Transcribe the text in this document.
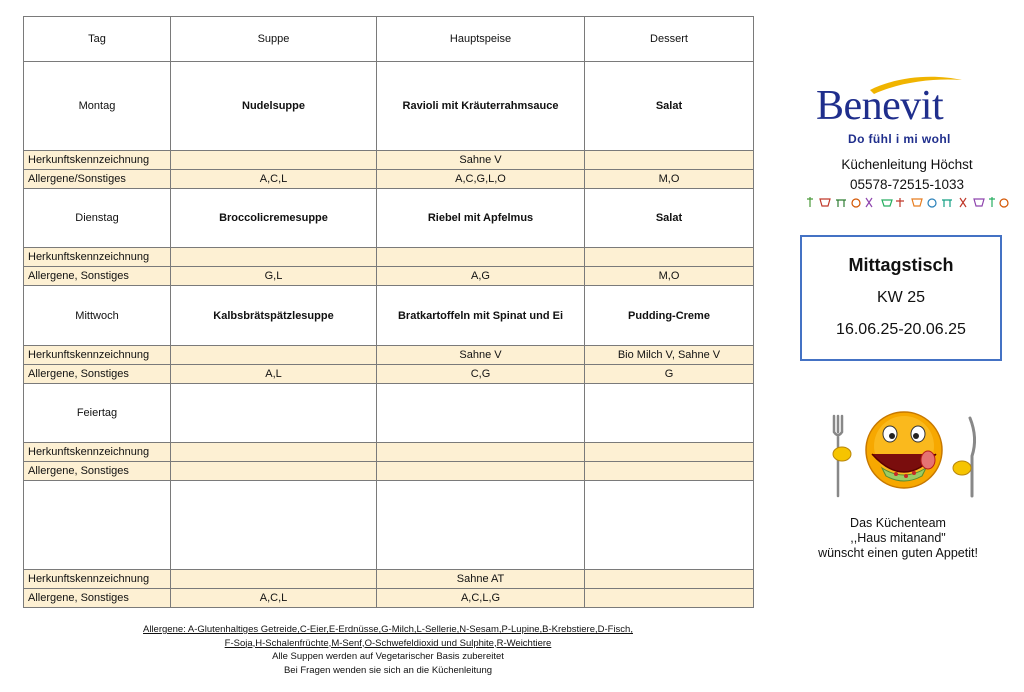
Tag	Suppe	Hauptspeise	Dessert
Montag	Nudelsuppe	Ravioli mit Kräuterrahmsauce	Salat
Herkunftskennzeichnung		Sahne V	
Allergene/Sonstiges	A,C,L	A,C,G,L,O	M,O
Dienstag	Broccolicremesuppe	Riebel mit Apfelmus	Salat
Herkunftskennzeichnung			
Allergene, Sonstiges	G,L	A,G	M,O
Mittwoch	Kalbsbrätspätzlesuppe	Bratkartoffeln mit Spinat und Ei	Pudding-Creme
Herkunftskennzeichnung		Sahne V	Bio Milch V, Sahne V
Allergene, Sonstiges	A,L	C,G	G
Feiertag			
Herkunftskennzeichnung			
Allergene, Sonstiges			

Herkunftskennzeichnung		Sahne AT	
Allergene, Sonstiges	A,C,L	A,C,L,G	
Benevit
Do fühl i mi wohl
Küchenleitung Höchst
05578-72515-1033
Mittagstisch
KW 25
16.06.25-20.06.25
Das Küchenteam
,,Haus mitanand"
wünscht einen guten Appetit!
Allergene: A-Glutenhaltiges Getreide,C-Eier,E-Erdnüsse,G-Milch,L-Sellerie,N-Sesam,P-Lupine,B-Krebstiere,D-Fisch,
F-Soja,H-Schalenfrüchte,M-Senf,O-Schwefeldioxid und Sulphite,R-Weichtiere
Alle Suppen werden auf Vegetarischer Basis zubereitet
Bei Fragen wenden sie sich an die Küchenleitung
